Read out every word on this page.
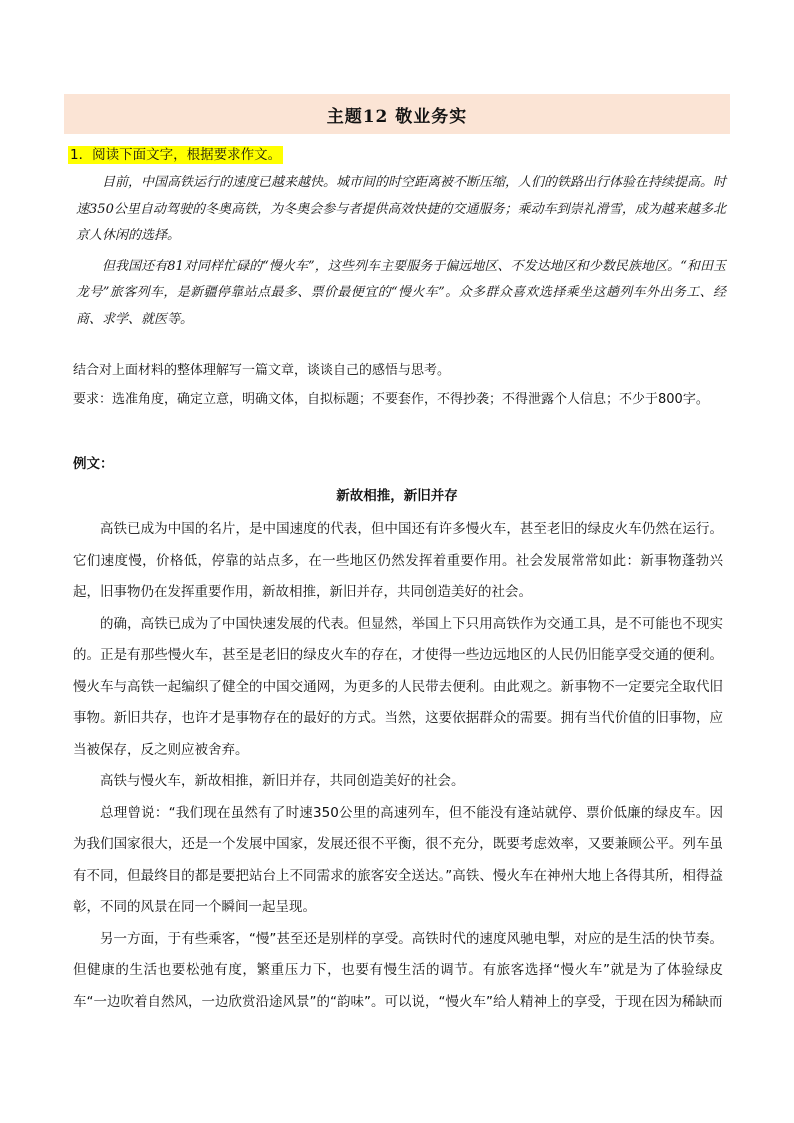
主题12 敬业务实
1．阅读下面文字，根据要求作文。

目前，中国高铁运行的速度已越来越快。城市间的时空距离被不断压缩，人们的铁路出行体验在持续提高。时速350公里自动驾驶的冬奥高铁，为冬奥会参与者提供高效快捷的交通服务；乘动车到崇礼滑雪，成为越来越多北京人休闲的选择。

但我国还有81对同样忙碌的“慢火车”，这些列车主要服务于偏远地区、不发达地区和少数民族地区。“和田玉龙号”旅客列车，是新疆停靠站点最多、票价最便宜的“慢火车”。众多群众喜欢选择乘坐这趟列车外出务工、经商、求学、就医等。

结合对上面材料的整体理解写一篇文章，谈谈自己的感悟与思考。

要求：选准角度，确定立意，明确文体，自拟标题；不要套作，不得抄袭；不得泄露个人信息；不少于800字。

例文：
新故相推，新旧并存

高铁已成为中国的名片，是中国速度的代表，但中国还有许多慢火车，甚至老旧的绿皮火车仍然在运行。它们速度慢，价格低，停靠的站点多，在一些地区仍然发挥着重要作用。社会发展常常如此：新事物蓬勃兴起，旧事物仍在发挥重要作用，新故相推，新旧并存，共同创造美好的社会。

的确，高铁已成为了中国快速发展的代表。但显然，举国上下只用高铁作为交通工具，是不可能也不现实的。正是有那些慢火车，甚至是老旧的绿皮火车的存在，才使得一些边远地区的人民仍旧能享受交通的便利。慢火车与高铁一起编织了健全的中国交通网，为更多的人民带去便利。由此观之。新事物不一定要完全取代旧事物。新旧共存，也许才是事物存在的最好的方式。当然，这要依据群众的需要。拥有当代价值的旧事物，应当被保存，反之则应被舍弃。

高铁与慢火车，新故相推，新旧并存，共同创造美好的社会。

总理曾说：“我们现在虽然有了时速350公里的高速列车，但不能没有逢站就停、票价低廉的绿皮车。因为我们国家很大，还是一个发展中国家，发展还很不平衡，很不充分，既要考虑效率，又要兼顾公平。列车虽有不同，但最终目的都是要把站台上不同需求的旅客安全送达。”高铁、慢火车在神州大地上各得其所，相得益彰，不同的风景在同一个瞬间一起呈现。

另一方面，于有些乘客，“慢”甚至还是别样的享受。高铁时代的速度风驰电掣，对应的是生活的快节奏。但健康的生活也要松弛有度，繁重压力下，也要有慢生活的调节。有旅客选择“慢火车”就是为了体验绿皮车“一边吹着自然风，一边欣赏沿途风景”的“韵味”。可以说，“慢火车”给人精神上的享受，于现在因为稀缺而
